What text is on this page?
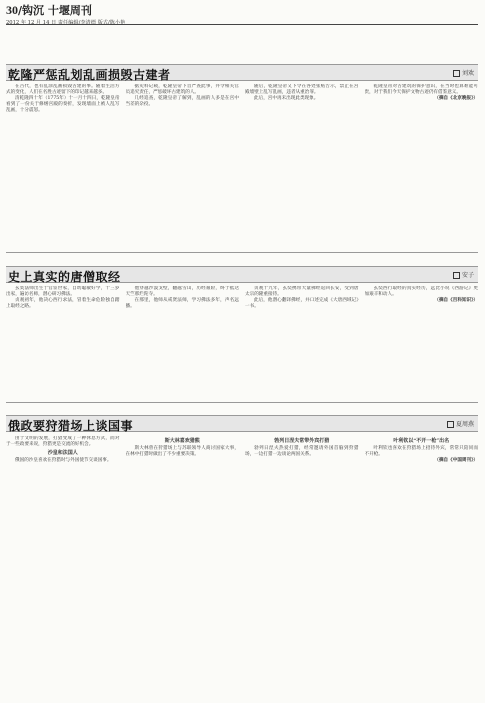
30/钩沉 十堰周刊
2012 年 12 月 14 日 责任编辑/李清德 版式/陈小艳
乾隆严惩乱划乱画损毁古建者	刘欢

在古代，也有乱涂乱画损毁古建的事。随着生活方式的变化，人们在名胜古迹留下的印记越来越多。

清乾隆四十年（1775年）十一月十四日，乾隆皇帝看到了一份关于修缮宫殿的奏折，发现墙面上被人乱写乱画，十分震怒。

据史料记载，乾隆皇帝下旨严查此事，并令相关官员追究责任，严惩破坏古建筑的人。

几经追查，乾隆皇帝了解到，乱画的人多是在宫中当差的杂役。

随后，乾隆皇帝又下令在各处张贴告示，禁止在宫殿墙壁上乱写乱画，违者从重治罪。

此后，宫中再未出现此类现象。

乾隆皇帝对古建筑的保护意识，在当时也算难能可贵，对于我们今天保护文物古迹仍有借鉴意义。

（摘自《北京晚报》）

史上真实的唐僧取经	安子

玄奘法师出生于官宦世家，自幼聪敏好学，十三岁出家，遍访名师，潜心研习佛法。

贞观初年，他决心西行求法，冒着生命危险独自踏上取经之路。

他穿越沙漠戈壁，翻越雪山，历经艰险，终于抵达天竺那烂陀寺。

在那里，他师从戒贤法师，学习佛法多年，声名远播。

贞观十九年，玄奘携带大量佛经返回长安，受到唐太宗的隆重接待。

此后，他潜心翻译佛经，并口述完成《大唐西域记》一书。

玄奘西行取经的真实经历，远比小说《西游记》更加艰辛和动人。

（摘自《百科知识》）

俄政要狩猎场上谈国事	夏周燕

由于文明的发展，打猎变成了一种休息方式，而对于一些政要来说，狩猎更是交流的好机会。

沙皇和法国人

俄国的沙皇喜欢在狩猎时与外国使节交谈国事。

斯大林喜欢猎熊

斯大林曾在狩猎场上与苏联领导人商讨国家大事，在林中打猎时做出了不少重要决策。

勃列日涅夫常带外宾打猎

勃列日涅夫热爱打猎，经常邀请外国首脑到狩猎场，一边打猎一边谈论两国关系。

叶利钦以“不开一枪”出名

叶利钦也喜欢在狩猎场上招待外宾，常常只陪同而不开枪。

（摘自《中国周刊》）
